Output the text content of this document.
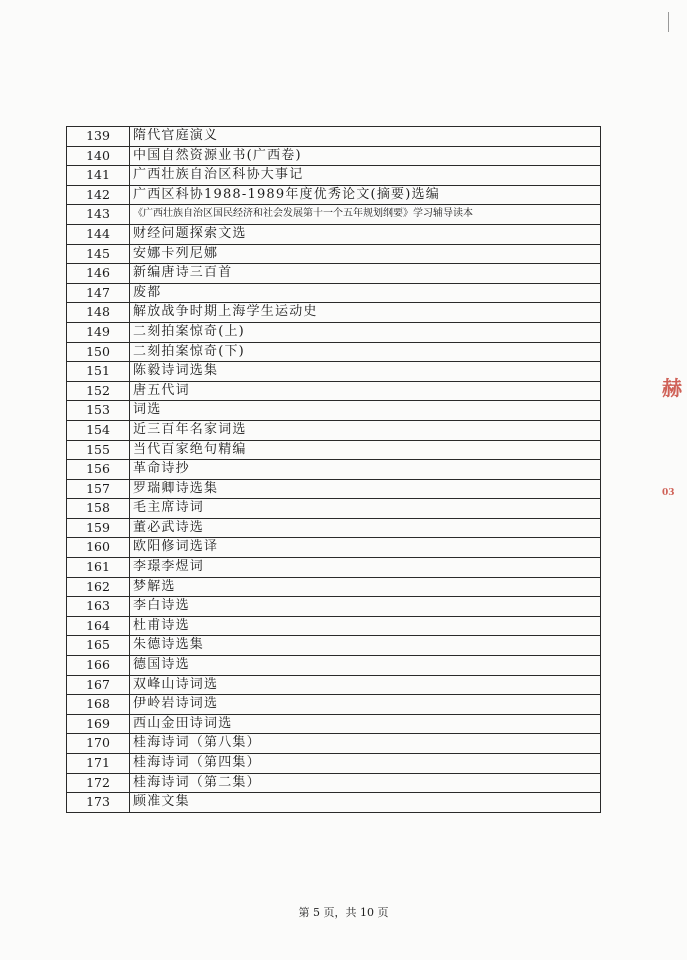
139	隋代官庭演义
140	中国自然资源业书(广西卷)
141	广西壮族自治区科协大事记
142	广西区科协1988-1989年度优秀论文(摘要)选编
143	《广西壮族自治区国民经济和社会发展第十一个五年规划纲要》学习辅导读本
144	财经问题探索文选
145	安娜卡列尼娜
146	新编唐诗三百首
147	废都
148	解放战争时期上海学生运动史
149	二刻拍案惊奇(上)
150	二刻拍案惊奇(下)
151	陈毅诗词选集
152	唐五代词
153	词选
154	近三百年名家词选
155	当代百家绝句精编
156	革命诗抄
157	罗瑞卿诗选集
158	毛主席诗词
159	董必武诗选
160	欧阳修词选译
161	李璟李煜词
162	梦解选
163	李白诗选
164	杜甫诗选
165	朱德诗选集
166	德国诗选
167	双峰山诗词选
168	伊岭岩诗词选
169	西山金田诗词选
170	桂海诗词（第八集）
171	桂海诗词（第四集）
172	桂海诗词（第二集）
173	顾准文集
第 5 页，共 10 页
赫
03
